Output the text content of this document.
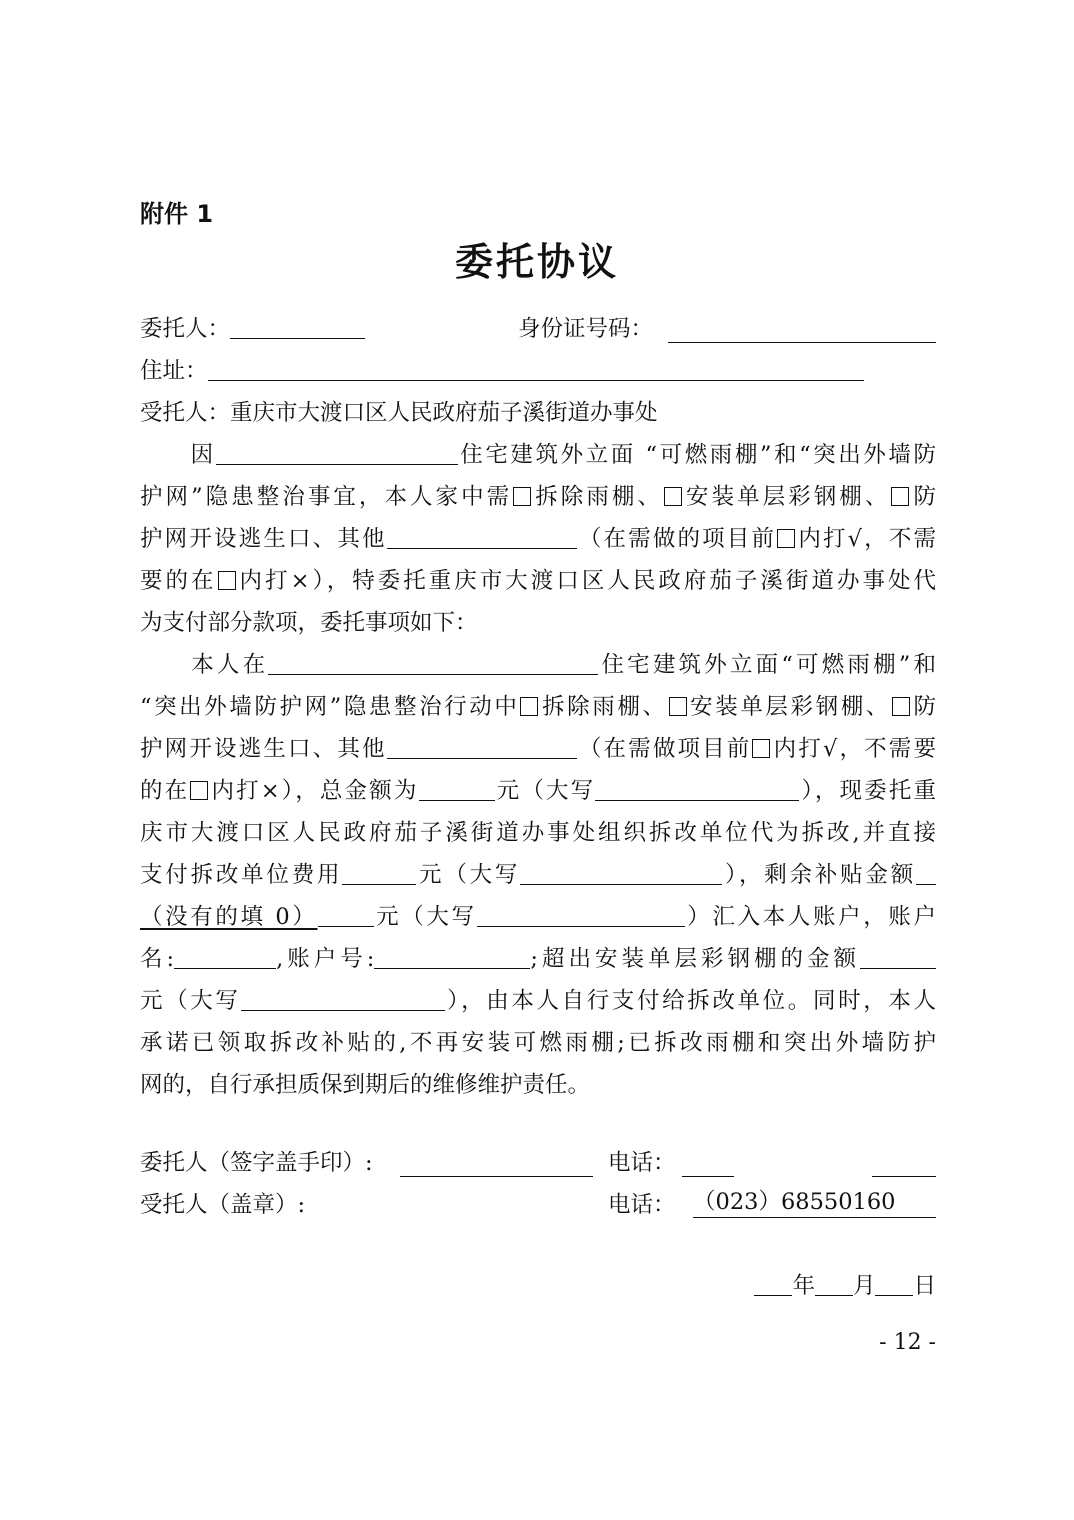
附件 1
委托协议
委托人：	身份证号码：
住址：
受托人：重庆市大渡口区人民政府茄子溪街道办事处
因	住宅建筑外立面 “可燃雨棚”和“突出外墙防
护网”隐患整治事宜，本人家中需 拆除雨棚、 安装单层彩钢棚、 防
护网开设逃生口、其他	（在需做的项目前 内打√，不需
要的在 内打×），特委托重庆市大渡口区人民政府茄子溪街道办事处代
为支付部分款项，委托事项如下：
本人在	住宅建筑外立面“可燃雨棚”和
“突出外墙防护网”隐患整治行动中 拆除雨棚、 安装单层彩钢棚、 防
护网开设逃生口、其他	（在需做项目前 内打√，不需要
的在 内打×），总金额为	元（大写	），现委托重
庆市大渡口区人民政府茄子溪街道办事处组织拆改单位代为拆改,并直接
支付拆改单位费用	元（大写	），剩余补贴金额
（没有的填 0） 元（大写	）汇入本人账户，账户
名:	,账户号:	;超出安装单层彩钢棚的金额
元（大写	），由本人自行支付给拆改单位。同时，本人
承诺已领取拆改补贴的,不再安装可燃雨棚;已拆改雨棚和突出外墙防护
网的，自行承担质保到期后的维修维护责任。
委托人（签字盖手印）:	电话：
受托人（盖章）:	电话： （023）68550160
年 月 日
- 12 -
